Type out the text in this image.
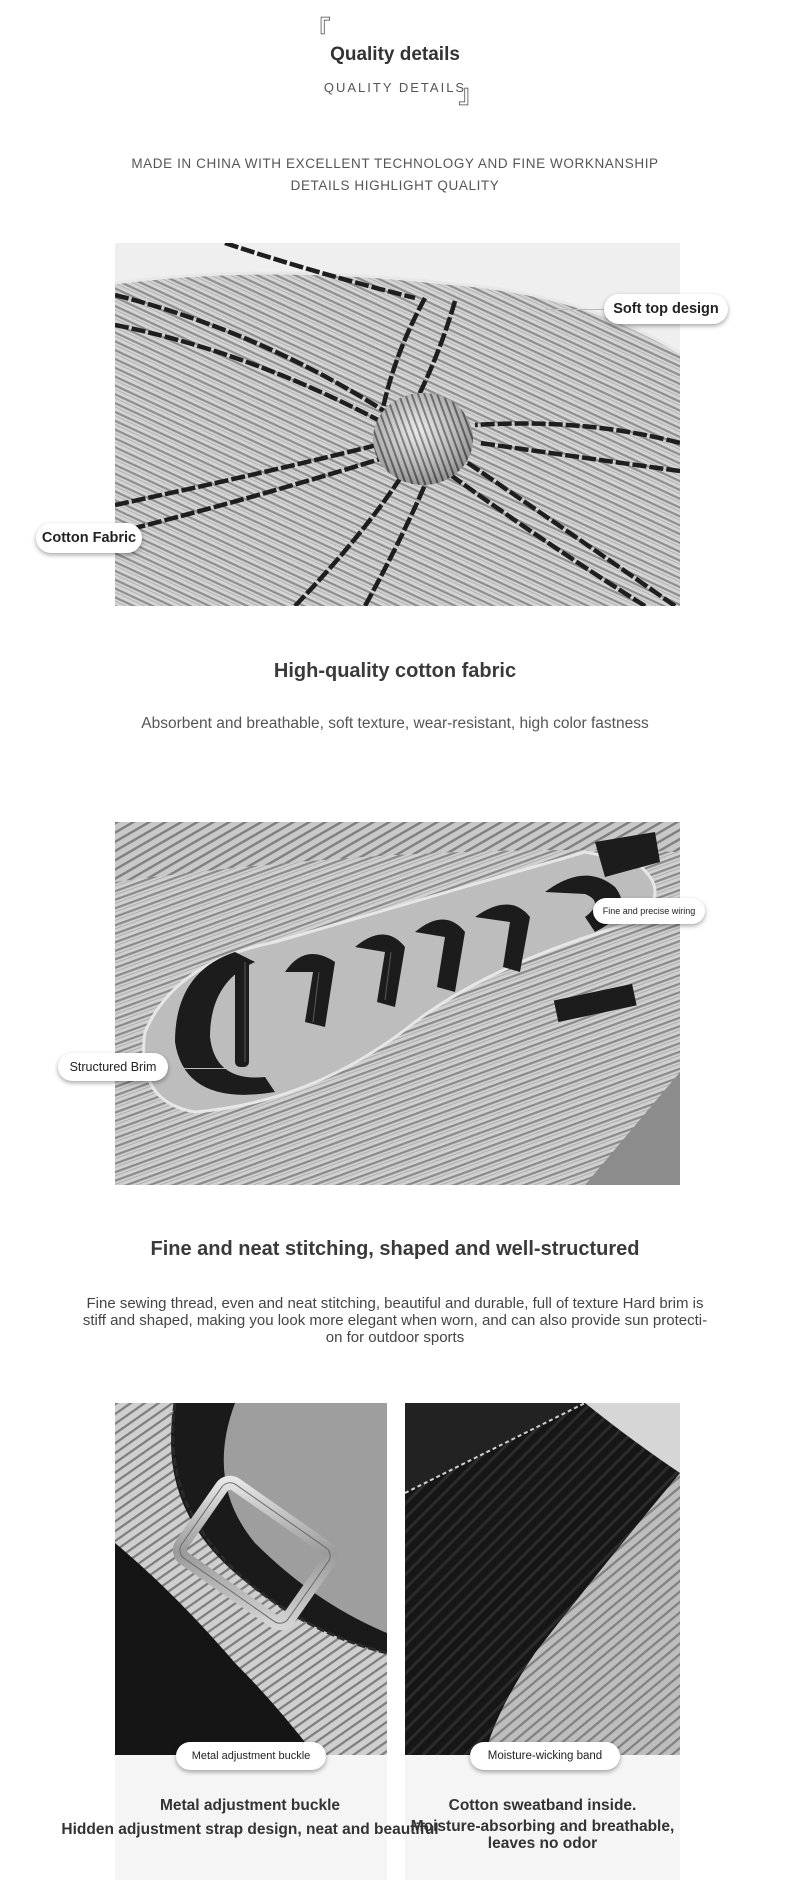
『
Quality details
QUALITY DETAILS
』
MADE IN CHINA WITH EXCELLENT TECHNOLOGY AND FINE WORKNANSHIP
DETAILS HIGHLIGHT QUALITY
Soft top design
Cotton Fabric
High-quality cotton fabric
Absorbent and breathable, soft texture, wear-resistant, high color fastness
Fine and precise wiring
Structured Brim
Fine and neat stitching, shaped and well-structured
Fine sewing thread, even and neat stitching, beautiful and durable, full of texture Hard brim is
stiff and shaped, making you look more elegant when worn, and can also provide sun protecti-
on for outdoor sports
Metal adjustment buckle	Moisture-wicking band
Metal adjustment buckle
Hidden adjustment strap design, neat and beautiful
Cotton sweatband inside.
Moisture-absorbing and breathable,
leaves no odor
